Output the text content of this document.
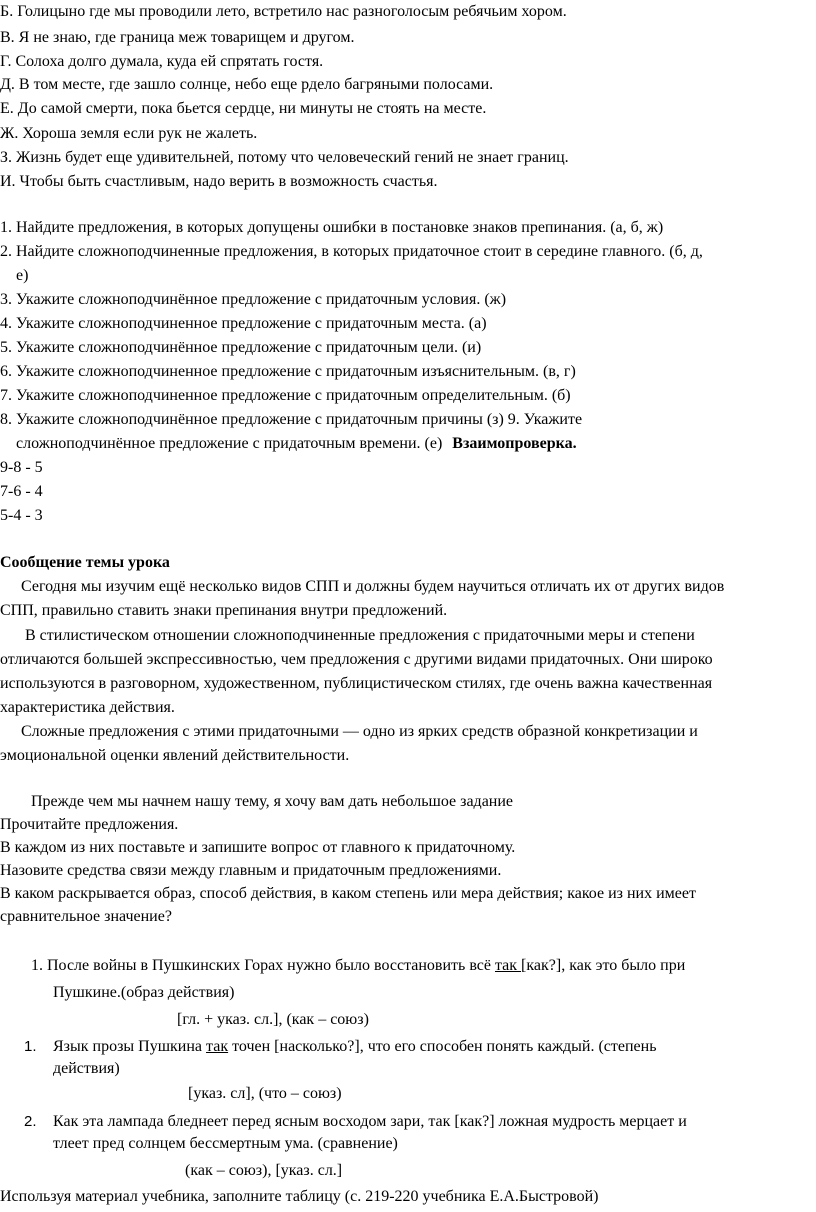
Б. Голицыно где мы проводили лето, встретило нас разноголосым ребячьим хором.
В. Я не знаю, где граница меж товарищем и другом.
Г. Солоха долго думала, куда ей спрятать гостя.
Д. В том месте, где зашло солнце, небо еще рдело багряными полосами.
Е. До самой смерти, пока бьется сердце, ни минуты не стоять на месте.
Ж. Хороша земля если рук не жалеть.
З. Жизнь будет еще удивительней, потому что человеческий гений не знает границ.
И. Чтобы быть счастливым, надо верить в возможность счастья.
1. Найдите предложения, в которых допущены ошибки в постановке знаков препинания. (а, б, ж)
2. Найдите сложноподчиненные предложения, в которых придаточное стоит в середине главного. (б, д,
е)
3. Укажите сложноподчинённое предложение с придаточным условия. (ж)
4. Укажите сложноподчиненное предложение с придаточным места. (а)
5. Укажите сложноподчинённое предложение с придаточным цели. (и)
6. Укажите сложноподчиненное предложение с придаточным изъяснительным. (в, г)
7. Укажите сложноподчиненное предложение с придаточным определительным. (б)
8. Укажите сложноподчинённое предложение с придаточным причины (з) 9. Укажите
сложноподчинённое предложение с придаточным времени. (е) Взаимопроверка.
9-8 - 5
7-6 - 4
5-4 - 3
Сообщение темы урока
Сегодня мы изучим ещё несколько видов СПП и должны будем научиться отличать их от других видов
СПП, правильно ставить знаки препинания внутри предложений.
В стилистическом отношении сложноподчиненные предложения с придаточными меры и степени
отличаются большей экспрессивностью, чем предложения с другими видами придаточных. Они широко
используются в разговорном, художественном, публицистическом стилях, где очень важна качественная
характеристика действия.
Сложные предложения с этими придаточными — одно из ярких средств образной конкретизации и
эмоциональной оценки явлений действительности.
Прежде чем мы начнем нашу тему, я хочу вам дать небольшое задание
Прочитайте предложения.
В каждом из них поставьте и запишите вопрос от главного к придаточному.
Назовите средства связи между главным и придаточным предложениями.
В каком раскрывается образ, способ действия, в каком степень или мера действия; какое из них имеет
сравнительное значение?
1. После войны в Пушкинских Горах нужно было восстановить всё так [как?], как это было при
Пушкине.(образ действия)
[гл. + указ. сл.], (как – союз)
1. Язык прозы Пушкина так точен [насколько?], что его способен понять каждый. (степень
действия)
[указ. сл], (что – союз)
2. Как эта лампада бледнеет перед ясным восходом зари, так [как?] ложная мудрость мерцает и
тлеет пред солнцем бессмертным ума. (сравнение)
(как – союз), [указ. сл.]
Используя материал учебника, заполните таблицу (с. 219-220 учебника Е.А.Быстровой)
